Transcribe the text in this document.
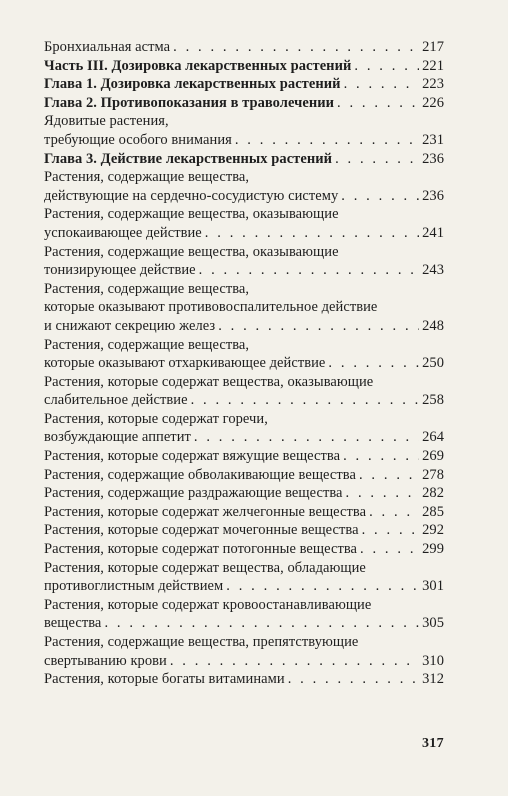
Бронхиальная астма . . .	217
Часть III. Дозировка лекарственных растений . . .	221
Глава 1. Дозировка лекарственных растений . . .	223
Глава 2. Противопоказания в траволечении . . .	226
Ядовитые растения,
требующие особого внимания . . .	231
Глава 3. Действие лекарственных растений . . .	236
Растения, содержащие вещества,
действующие на сердечно-сосудистую систему . . .	236
Растения, содержащие вещества, оказывающие
успокаивающее действие . . .	241
Растения, содержащие вещества, оказывающие
тонизирующее действие . . .	243
Растения, содержащие вещества,
которые оказывают противовоспалительное действие
и снижают секрецию желез . . .	248
Растения, содержащие вещества,
которые оказывают отхаркивающее действие . . .	250
Растения, которые содержат вещества, оказывающие
слабительное действие . . .	258
Растения, которые содержат горечи,
возбуждающие аппетит . . .	264
Растения, которые содержат вяжущие вещества . . .	269
Растения, содержащие обволакивающие вещества . . .	278
Растения, содержащие раздражающие вещества . . .	282
Растения, которые содержат желчегонные вещества . . .	285
Растения, которые содержат мочегонные вещества . . .	292
Растения, которые содержат потогонные вещества . . .	299
Растения, которые содержат вещества, обладающие
противоглистным действием . . .	301
Растения, которые содержат кровоостанавливающие
вещества . . .	305
Растения, содержащие вещества, препятствующие
свертыванию крови . . .	310
Растения, которые богаты витаминами . . .	312
317
